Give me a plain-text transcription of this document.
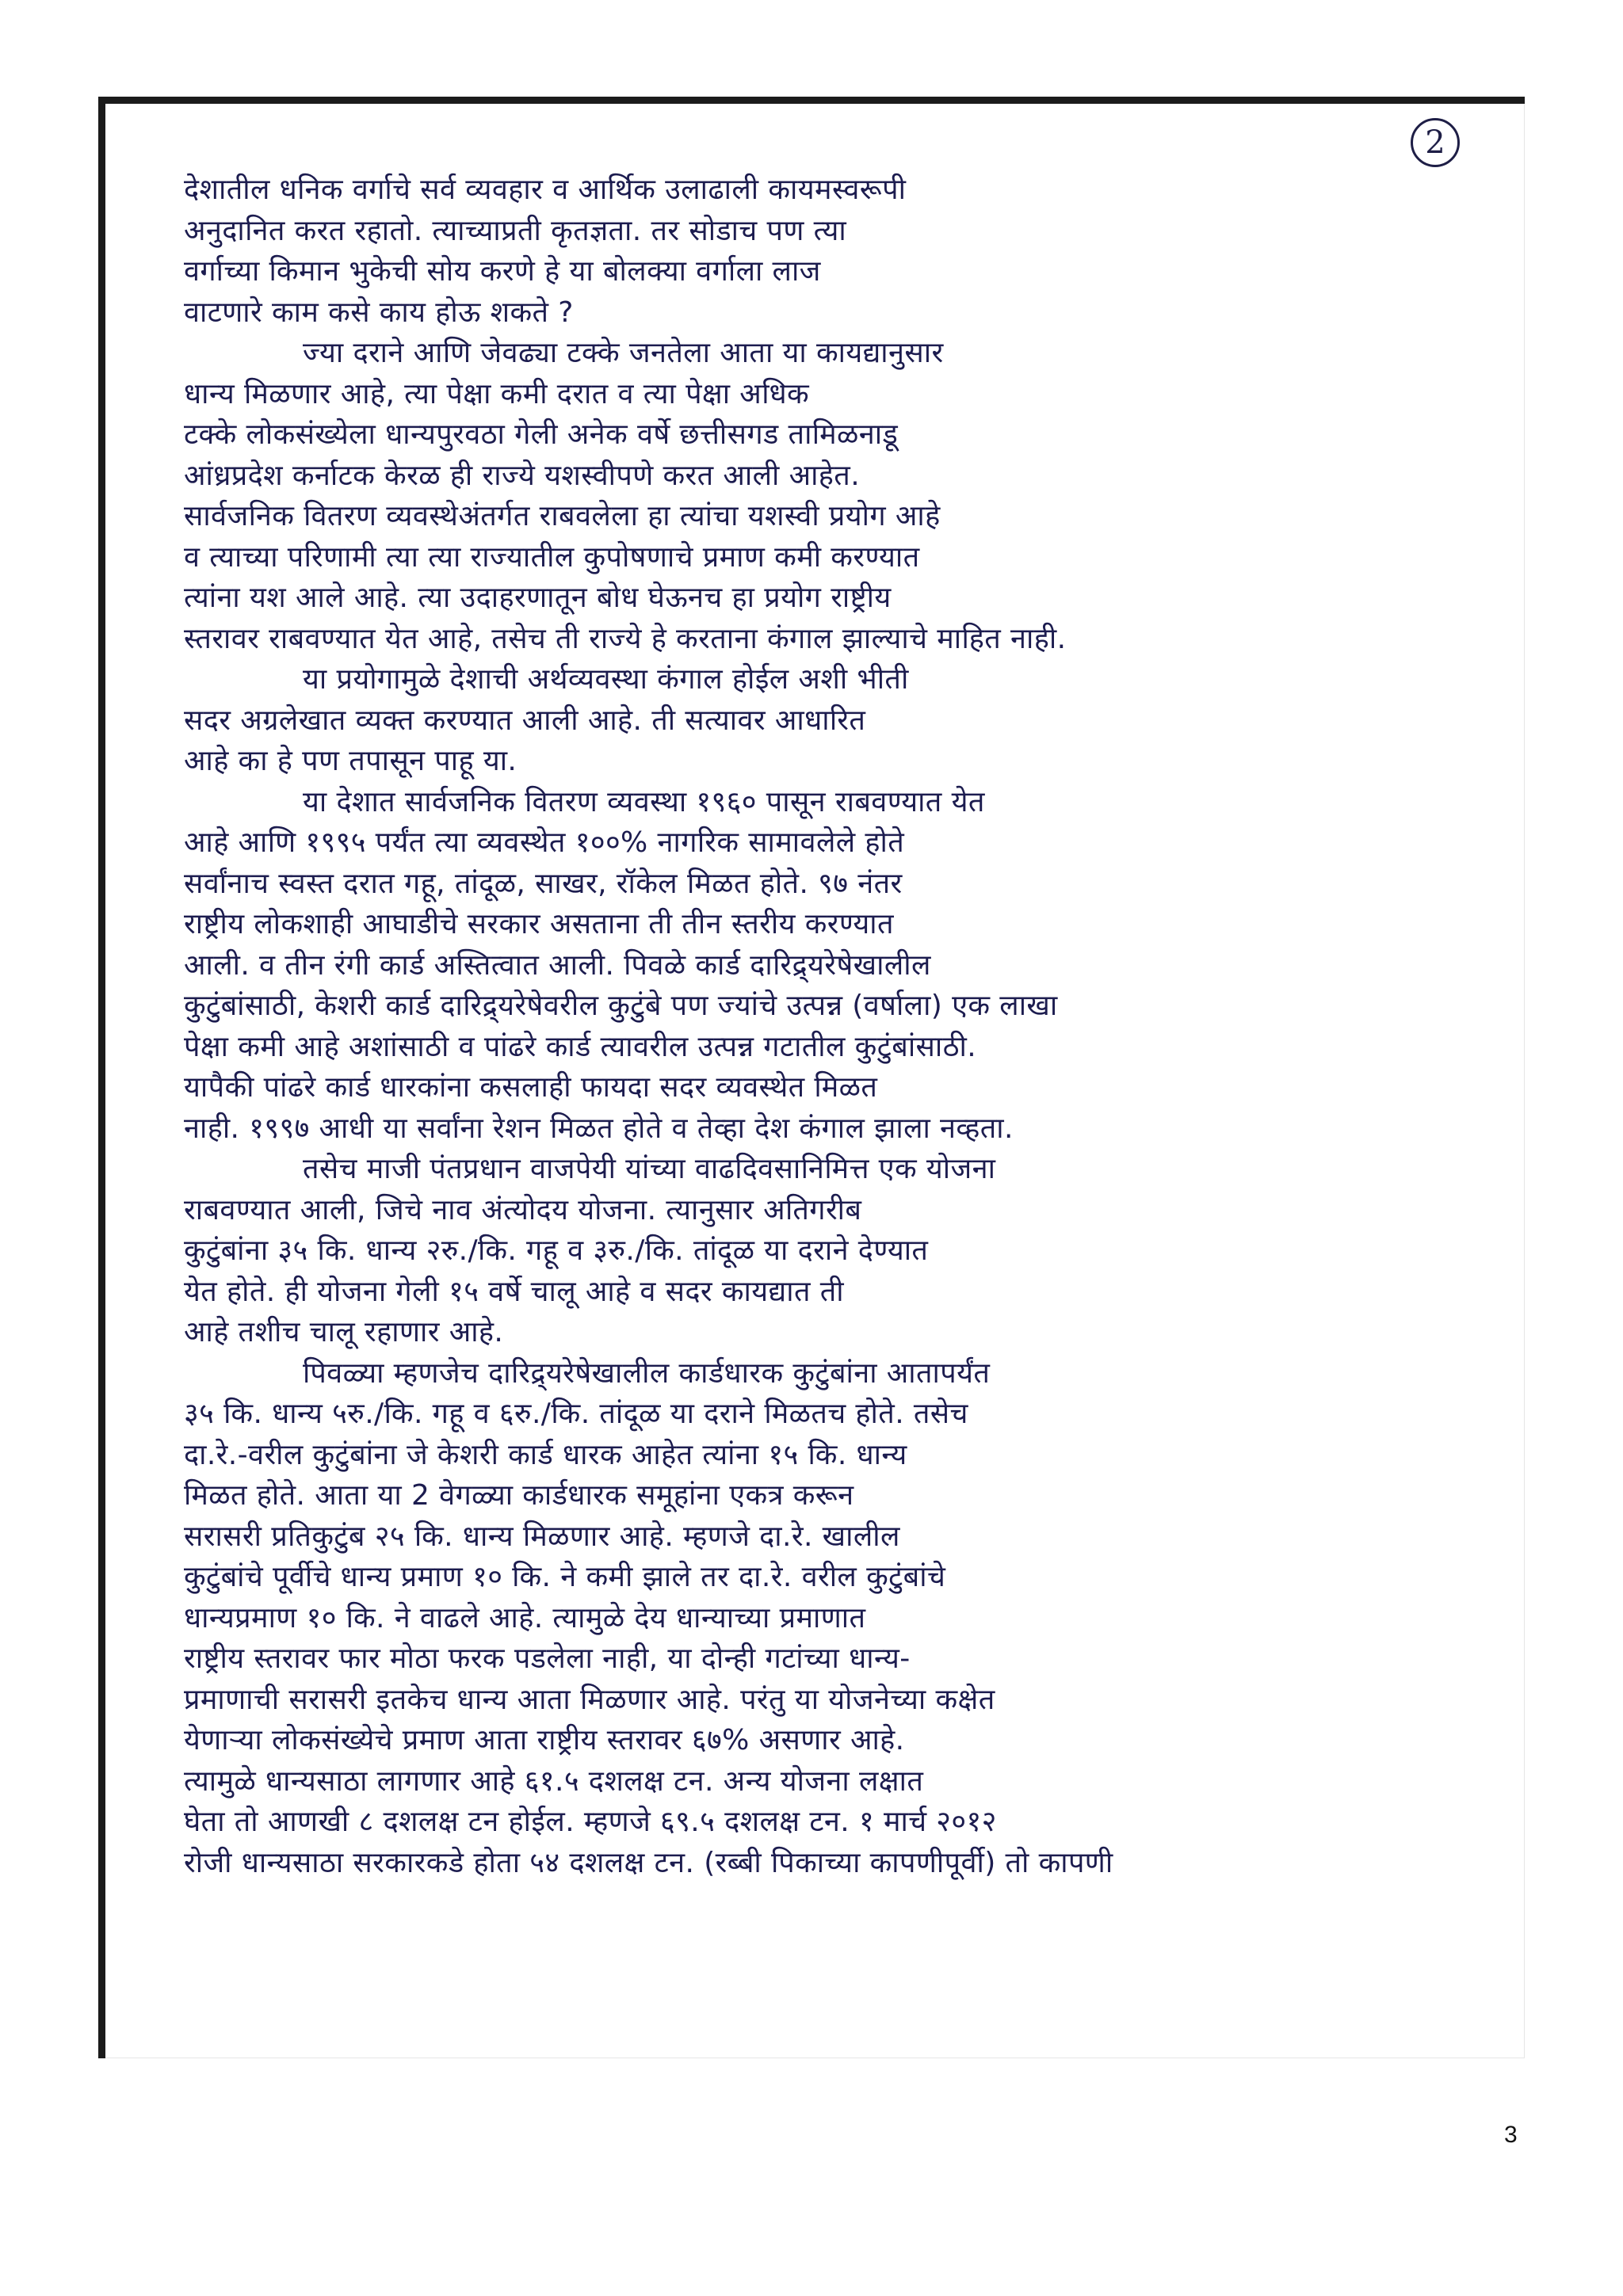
2
देशातील धनिक वर्गाचे सर्व व्यवहार व आर्थिक उलाढाली कायमस्वरूपी
अनुदानित करत रहातो. त्याच्याप्रती कृतज्ञता. तर सोडाच पण त्या
वर्गाच्या किमान भुकेची सोय करणे हे या बोलक्या वर्गाला लाज
वाटणारे काम कसे काय होऊ शकते ?
ज्या दराने आणि जेवढ्या टक्के जनतेला आता या कायद्यानुसार
धान्य मिळणार आहे, त्या पेक्षा कमी दरात व त्या पेक्षा अधिक
टक्के लोकसंख्येला धान्यपुरवठा गेली अनेक वर्षे छत्तीसगड तामिळनाडू
आंध्रप्रदेश कर्नाटक केरळ ही राज्ये यशस्वीपणे करत आली आहेत.
सार्वजनिक वितरण व्यवस्थेअंतर्गत राबवलेला हा त्यांचा यशस्वी प्रयोग आहे
व त्याच्या परिणामी त्या त्या राज्यातील कुपोषणाचे प्रमाण कमी करण्यात
त्यांना यश आले आहे. त्या उदाहरणातून बोध घेऊनच हा प्रयोग राष्ट्रीय
स्तरावर राबवण्यात येत आहे, तसेच ती राज्ये हे करताना कंगाल झाल्याचे माहित नाही.
या प्रयोगामुळे देशाची अर्थव्यवस्था कंगाल होईल अशी भीती
सदर अग्रलेखात व्यक्त करण्यात आली आहे. ती सत्यावर आधारित
आहे का हे पण तपासून पाहू या.
या देशात सार्वजनिक वितरण व्यवस्था १९६० पासून राबवण्यात येत
आहे आणि १९९५ पर्यंत त्या व्यवस्थेत १००% नागरिक सामावलेले होते
सर्वांनाच स्वस्त दरात गहू, तांदूळ, साखर, रॉकेल मिळत होते. ९७ नंतर
राष्ट्रीय लोकशाही आघाडीचे सरकार असताना ती तीन स्तरीय करण्यात
आली. व तीन रंगी कार्ड अस्तित्वात आली. पिवळे कार्ड दारिद्र्यरेषेखालील
कुटुंबांसाठी, केशरी कार्ड दारिद्र्यरेषेवरील कुटुंबे पण ज्यांचे उत्पन्न (वर्षाला) एक लाखा
पेक्षा कमी आहे अशांसाठी व पांढरे कार्ड त्यावरील उत्पन्न गटातील कुटुंबांसाठी.
यापैकी पांढरे कार्ड धारकांना कसलाही फायदा सदर व्यवस्थेत मिळत
नाही. १९९७ आधी या सर्वांना रेशन मिळत होते व तेव्हा देश कंगाल झाला नव्हता.
तसेच माजी पंतप्रधान वाजपेयी यांच्या वाढदिवसानिमित्त एक योजना
राबवण्यात आली, जिचे नाव अंत्योदय योजना. त्यानुसार अतिगरीब
कुटुंबांना ३५ कि. धान्य २रु./कि. गहू व ३रु./कि. तांदूळ या दराने देण्यात
येत होते. ही योजना गेली १५ वर्षे चालू आहे व सदर कायद्यात ती
आहे तशीच चालू रहाणार आहे.
पिवळ्या म्हणजेच दारिद्र्यरेषेखालील कार्डधारक कुटुंबांना आतापर्यंत
३५ कि. धान्य ५रु./कि. गहू व ६रु./कि. तांदूळ या दराने मिळतच होते. तसेच
दा.रे.-वरील कुटुंबांना जे केशरी कार्ड धारक आहेत त्यांना १५ कि. धान्य
मिळत होते. आता या 2 वेगळ्या कार्डधारक समूहांना एकत्र करून
सरासरी प्रतिकुटुंब २५ कि. धान्य मिळणार आहे. म्हणजे दा.रे. खालील
कुटुंबांचे पूर्वीचे धान्य प्रमाण १० कि. ने कमी झाले तर दा.रे. वरील कुटुंबांचे
धान्यप्रमाण १० कि. ने वाढले आहे. त्यामुळे देय धान्याच्या प्रमाणात
राष्ट्रीय स्तरावर फार मोठा फरक पडलेला नाही, या दोन्ही गटांच्या धान्य-
प्रमाणाची सरासरी इतकेच धान्य आता मिळणार आहे. परंतु या योजनेच्या कक्षेत
येणाऱ्या लोकसंख्येचे प्रमाण आता राष्ट्रीय स्तरावर ६७% असणार आहे.
त्यामुळे धान्यसाठा लागणार आहे ६१.५ दशलक्ष टन. अन्य योजना लक्षात
घेता तो आणखी ८ दशलक्ष टन होईल. म्हणजे ६९.५ दशलक्ष टन. १ मार्च २०१२
रोजी धान्यसाठा सरकारकडे होता ५४ दशलक्ष टन. (रब्बी पिकाच्या कापणीपूर्वी) तो कापणी
3
